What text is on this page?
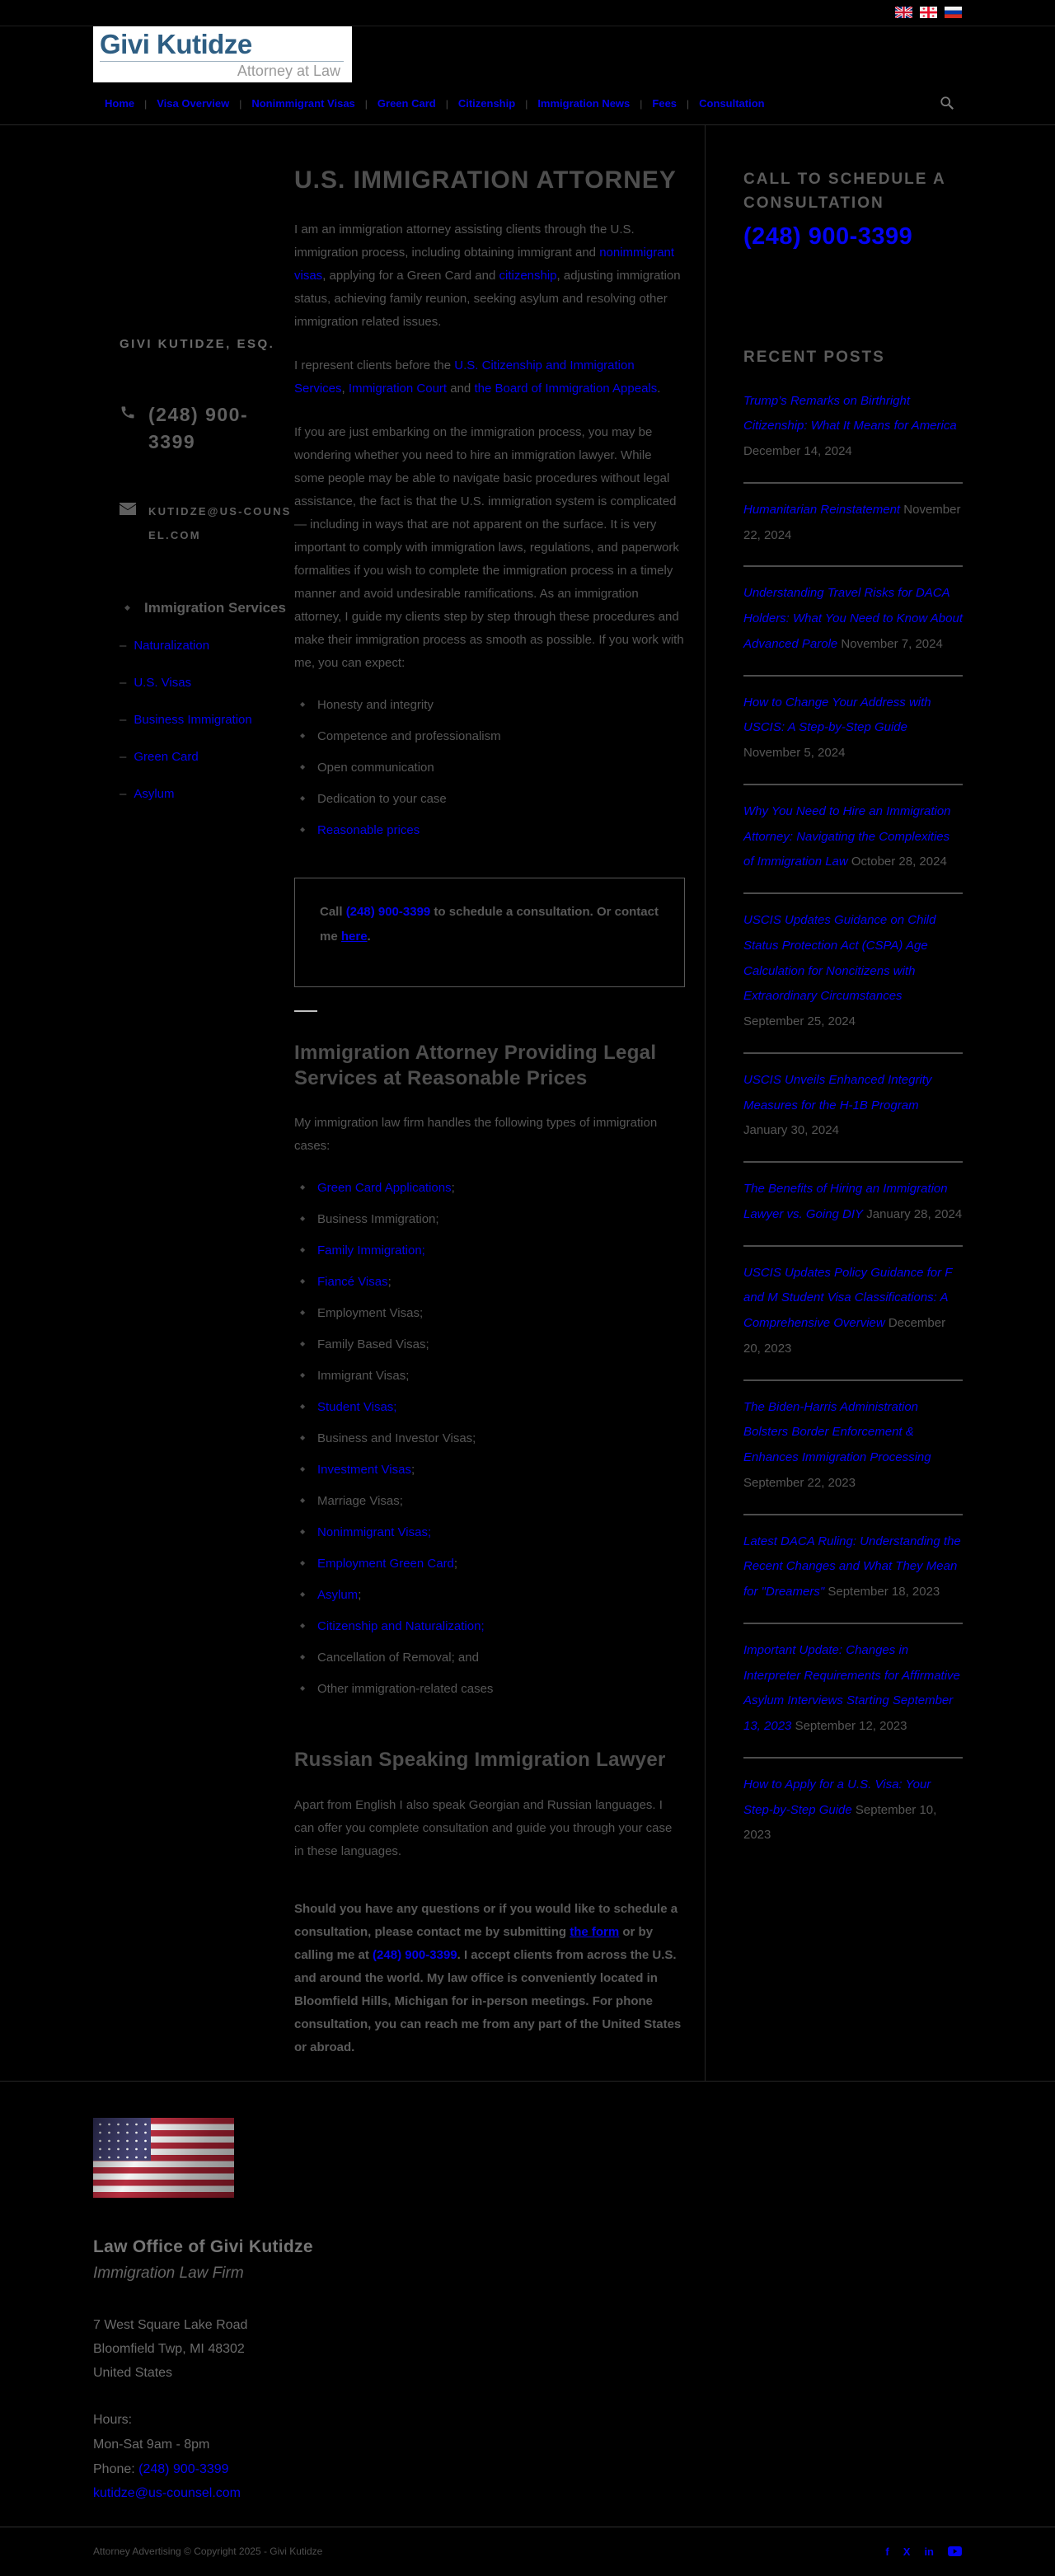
Givi Kutidze
Attorney at Law
Home | Visa Overview | Nonimmigrant Visas | Green Card | Citizenship | Immigration News | Fees | Consultation
GIVI KUTIDZE, ESQ.
(248) 900-3399
KUTIDZE@US-COUNSEL.COM
◆ Immigration Services
– Naturalization
– U.S. Visas
– Business Immigration
– Green Card
– Asylum
U.S. IMMIGRATION ATTORNEY

I am an immigration attorney assisting clients through the U.S. immigration process, including obtaining immigrant and nonimmigrant visas, applying for a Green Card and citizenship, adjusting immigration status, achieving family reunion, seeking asylum and resolving other immigration related issues.

I represent clients before the U.S. Citizenship and Immigration Services, Immigration Court and the Board of Immigration Appeals.

If you are just embarking on the immigration process, you may be wondering whether you need to hire an immigration lawyer. While some people may be able to navigate basic procedures without legal assistance, the fact is that the U.S. immigration system is complicated — including in ways that are not apparent on the surface. It is very important to comply with immigration laws, regulations, and paperwork formalities if you wish to complete the immigration process in a timely manner and avoid undesirable ramifications. As an immigration attorney, I guide my clients step by step through these procedures and make their immigration process as smooth as possible. If you work with me, you can expect:

◆ Honesty and integrity
◆ Competence and professionalism
◆ Open communication
◆ Dedication to your case
◆ Reasonable prices
Call (248) 900-3399 to schedule a consultation. Or contact me here.
Immigration Attorney Providing Legal Services at Reasonable Prices

My immigration law firm handles the following types of immigration cases:

◆ Green Card Applications;
◆ Business Immigration;
◆ Family Immigration;
◆ Fiancé Visas;
◆ Employment Visas;
◆ Family Based Visas;
◆ Immigrant Visas;
◆ Student Visas;
◆ Business and Investor Visas;
◆ Investment Visas;
◆ Marriage Visas;
◆ Nonimmigrant Visas;
◆ Employment Green Card;
◆ Asylum;
◆ Citizenship and Naturalization;
◆ Cancellation of Removal; and
◆ Other immigration-related cases
Russian Speaking Immigration Lawyer

Apart from English I also speak Georgian and Russian languages. I can offer you complete consultation and guide you through your case in these languages.

Should you have any questions or if you would like to schedule a consultation, please contact me by submitting the form or by calling me at (248) 900-3399. I accept clients from across the U.S. and around the world. My law office is conveniently located in Bloomfield Hills, Michigan for in-person meetings. For phone consultation, you can reach me from any part of the United States or abroad.

CALL TO SCHEDULE A CONSULTATION
(248) 900-3399
RECENT POSTS
Trump’s Remarks on Birthright Citizenship: What It Means for America December 14, 2024
Humanitarian Reinstatement November 22, 2024
Understanding Travel Risks for DACA Holders: What You Need to Know About Advanced Parole November 7, 2024
How to Change Your Address with USCIS: A Step-by-Step Guide November 5, 2024
Why You Need to Hire an Immigration Attorney: Navigating the Complexities of Immigration Law October 28, 2024
USCIS Updates Guidance on Child Status Protection Act (CSPA) Age Calculation for Noncitizens with Extraordinary Circumstances September 25, 2024
USCIS Unveils Enhanced Integrity Measures for the H-1B Program January 30, 2024
The Benefits of Hiring an Immigration Lawyer vs. Going DIY January 28, 2024
USCIS Updates Policy Guidance for F and M Student Visa Classifications: A Comprehensive Overview December 20, 2023
The Biden-Harris Administration Bolsters Border Enforcement & Enhances Immigration Processing September 22, 2023
Latest DACA Ruling: Understanding the Recent Changes and What They Mean for "Dreamers" September 18, 2023
Important Update: Changes in Interpreter Requirements for Affirmative Asylum Interviews Starting September 13, 2023 September 12, 2023
How to Apply for a U.S. Visa: Your Step-by-Step Guide September 10, 2023
Law Office of Givi Kutidze
Immigration Law Firm
7 West Square Lake Road
Bloomfield Twp, MI 48302
United States
Hours:
Mon-Sat 9am - 8pm
Phone: (248) 900-3399
kutidze@us-counsel.com
Attorney Advertising © Copyright 2025 - Givi Kutidze	f X in
